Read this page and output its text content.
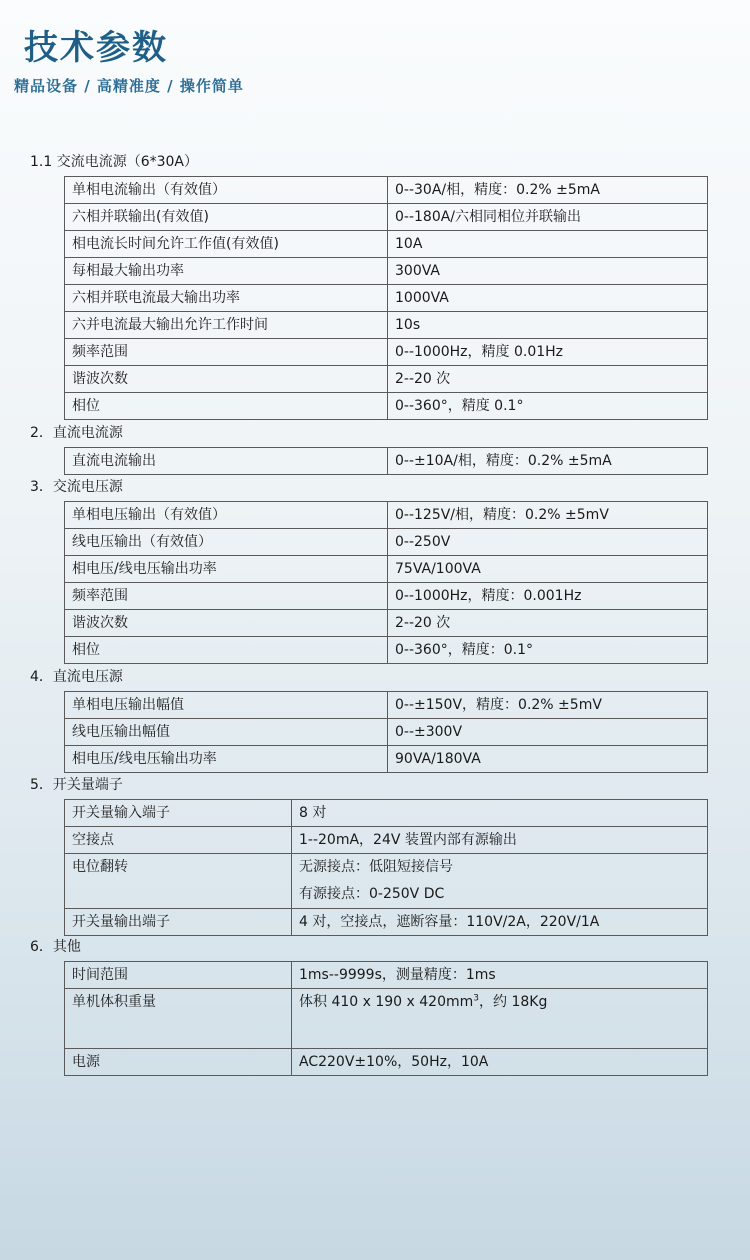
技术参数
精品设备 / 高精准度 / 操作简单
1.1 交流电流源（6*30A）
单相电流输出（有效值）	0--30A/相，精度：0.2% ±5mA
六相并联输出(有效值)	0--180A/六相同相位并联输出
相电流长时间允许工作值(有效值)	10A
每相最大输出功率	300VA
六相并联电流最大输出功率	1000VA
六并电流最大输出允许工作时间	10s
频率范围	0--1000Hz，精度 0.01Hz
谐波次数	2--20 次
相位	0--360°，精度 0.1°
2．直流电流源
直流电流输出	0--±10A/相，精度：0.2% ±5mA
3．交流电压源
单相电压输出（有效值）	0--125V/相，精度：0.2% ±5mV
线电压输出（有效值）	0--250V
相电压/线电压输出功率	75VA/100VA
频率范围	0--1000Hz，精度：0.001Hz
谐波次数	2--20 次
相位	0--360°，精度：0.1°
4．直流电压源
单相电压输出幅值	0--±150V，精度：0.2% ±5mV
线电压输出幅值	0--±300V
相电压/线电压输出功率	90VA/180VA
5．开关量端子
开关量输入端子	8 对
空接点	1--20mA，24V 装置内部有源输出
电位翻转	无源接点：低阻短接信号
有源接点：0-250V DC

开关量输出端子	4 对，空接点，遮断容量：110V/2A，220V/1A
6．其他
时间范围	1ms--9999s，测量精度：1ms
单机体积重量	体积 410 x 190 x $420mm^3$，约 18Kg
电源	AC220V±10%，50Hz，10A
